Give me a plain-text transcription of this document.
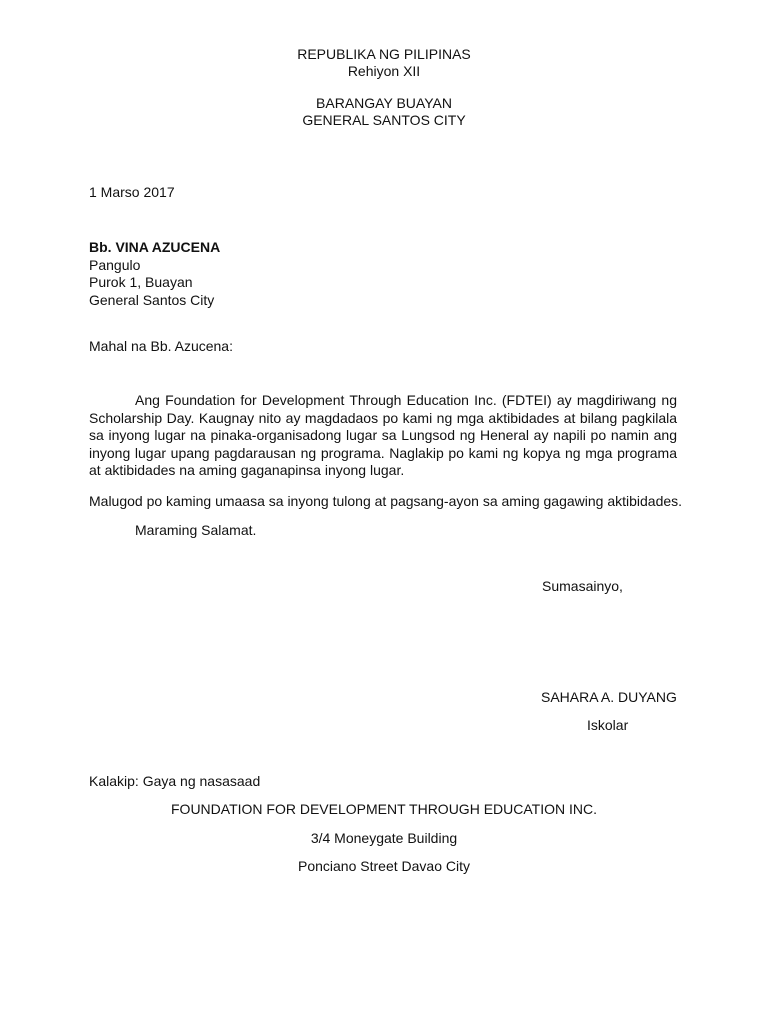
REPUBLIKA NG PILIPINAS
Rehiyon XII
BARANGAY BUAYAN
GENERAL SANTOS CITY
1 Marso 2017
Bb. VINA AZUCENA
Pangulo
Purok 1, Buayan
General Santos City
Mahal na Bb. Azucena:
Ang Foundation for Development Through Education Inc. (FDTEI) ay magdiriwang ng Scholarship Day. Kaugnay nito ay magdadaos po kami ng mga aktibidades at bilang pagkilala sa inyong lugar na pinaka-organisadong lugar sa Lungsod ng Heneral ay napili po namin ang inyong lugar upang pagdarausan ng programa. Naglakip po kami ng kopya ng mga programa at aktibidades na aming gaganapinsa inyong lugar.
Malugod po kaming umaasa sa inyong tulong at pagsang-ayon sa aming gagawing aktibidades.
Maraming Salamat.
Sumasainyo,
SAHARA A. DUYANG
Iskolar
Kalakip: Gaya ng nasasaad
FOUNDATION FOR DEVELOPMENT THROUGH EDUCATION INC.
3/4 Moneygate Building
Ponciano Street Davao City
